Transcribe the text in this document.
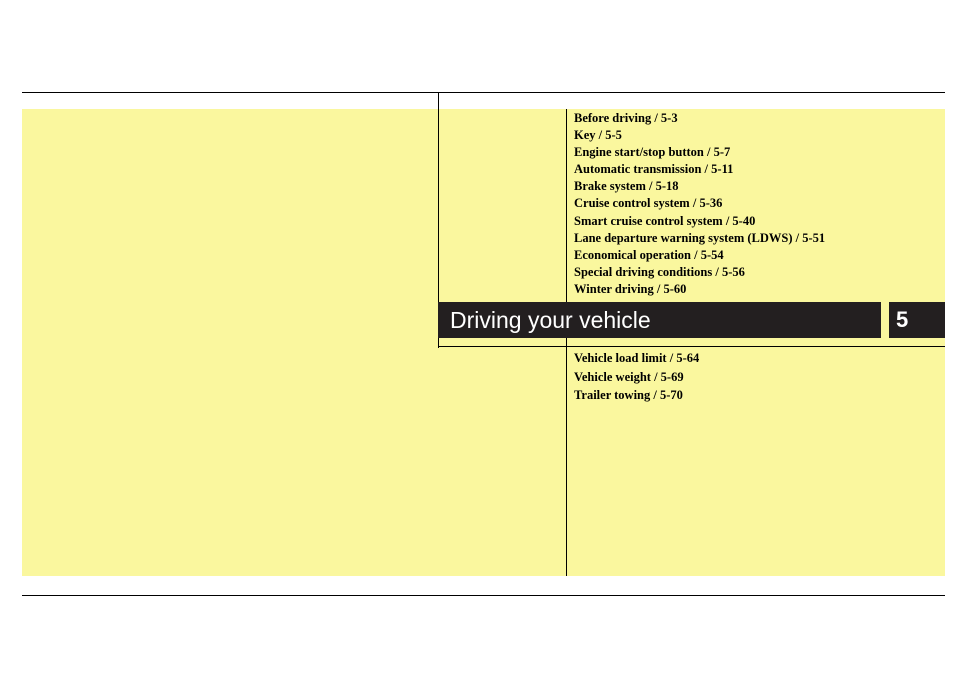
Before driving / 5-3
Key / 5-5
Engine start/stop button / 5-7
Automatic transmission / 5-11
Brake system / 5-18
Cruise control system / 5-36
Smart cruise control system / 5-40
Lane departure warning system (LDWS) / 5-51
Economical operation / 5-54
Special driving conditions / 5-56
Winter driving / 5-60
Driving your vehicle	5
Vehicle load limit / 5-64
Vehicle weight / 5-69
Trailer towing / 5-70
